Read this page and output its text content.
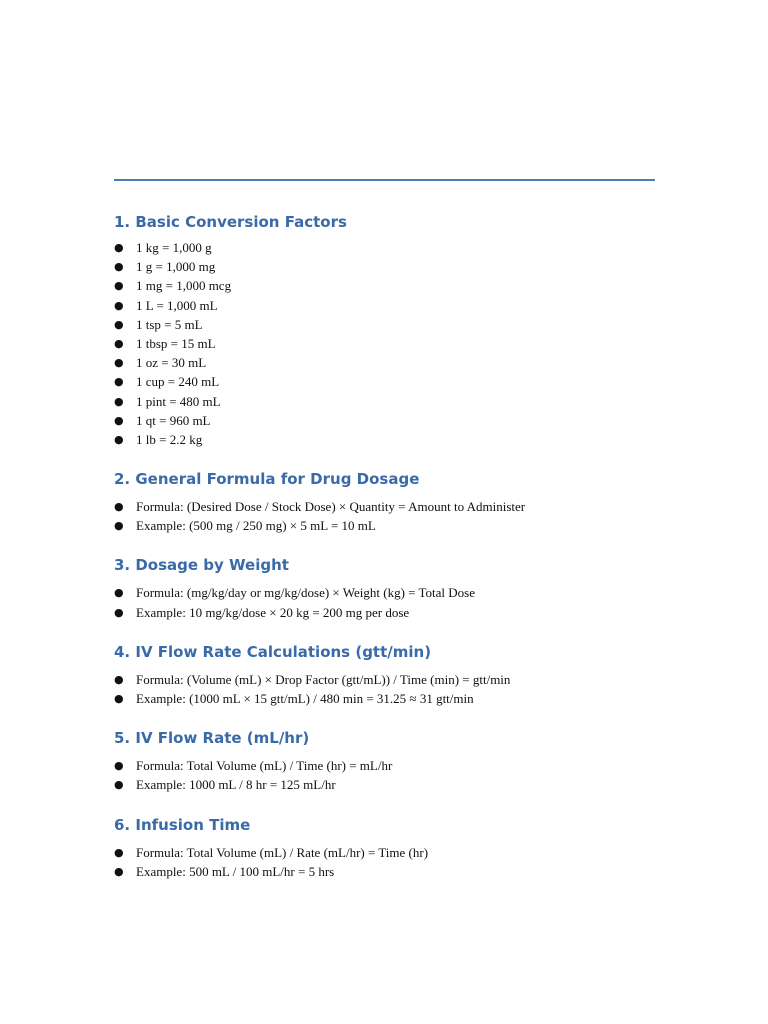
1. Basic Conversion Factors
● 1 kg = 1,000 g
● 1 g = 1,000 mg
● 1 mg = 1,000 mcg
● 1 L = 1,000 mL
● 1 tsp = 5 mL
● 1 tbsp = 15 mL
● 1 oz = 30 mL
● 1 cup = 240 mL
● 1 pint = 480 mL
● 1 qt = 960 mL
● 1 lb = 2.2 kg
2. General Formula for Drug Dosage
● Formula: (Desired Dose / Stock Dose) × Quantity = Amount to Administer
● Example: (500 mg / 250 mg) × 5 mL = 10 mL
3. Dosage by Weight
● Formula: (mg/kg/day or mg/kg/dose) × Weight (kg) = Total Dose
● Example: 10 mg/kg/dose × 20 kg = 200 mg per dose
4. IV Flow Rate Calculations (gtt/min)
● Formula: (Volume (mL) × Drop Factor (gtt/mL)) / Time (min) = gtt/min
● Example: (1000 mL × 15 gtt/mL) / 480 min = 31.25 ≈ 31 gtt/min
5. IV Flow Rate (mL/hr)
● Formula: Total Volume (mL) / Time (hr) = mL/hr
● Example: 1000 mL / 8 hr = 125 mL/hr
6. Infusion Time
● Formula: Total Volume (mL) / Rate (mL/hr) = Time (hr)
● Example: 500 mL / 100 mL/hr = 5 hrs
